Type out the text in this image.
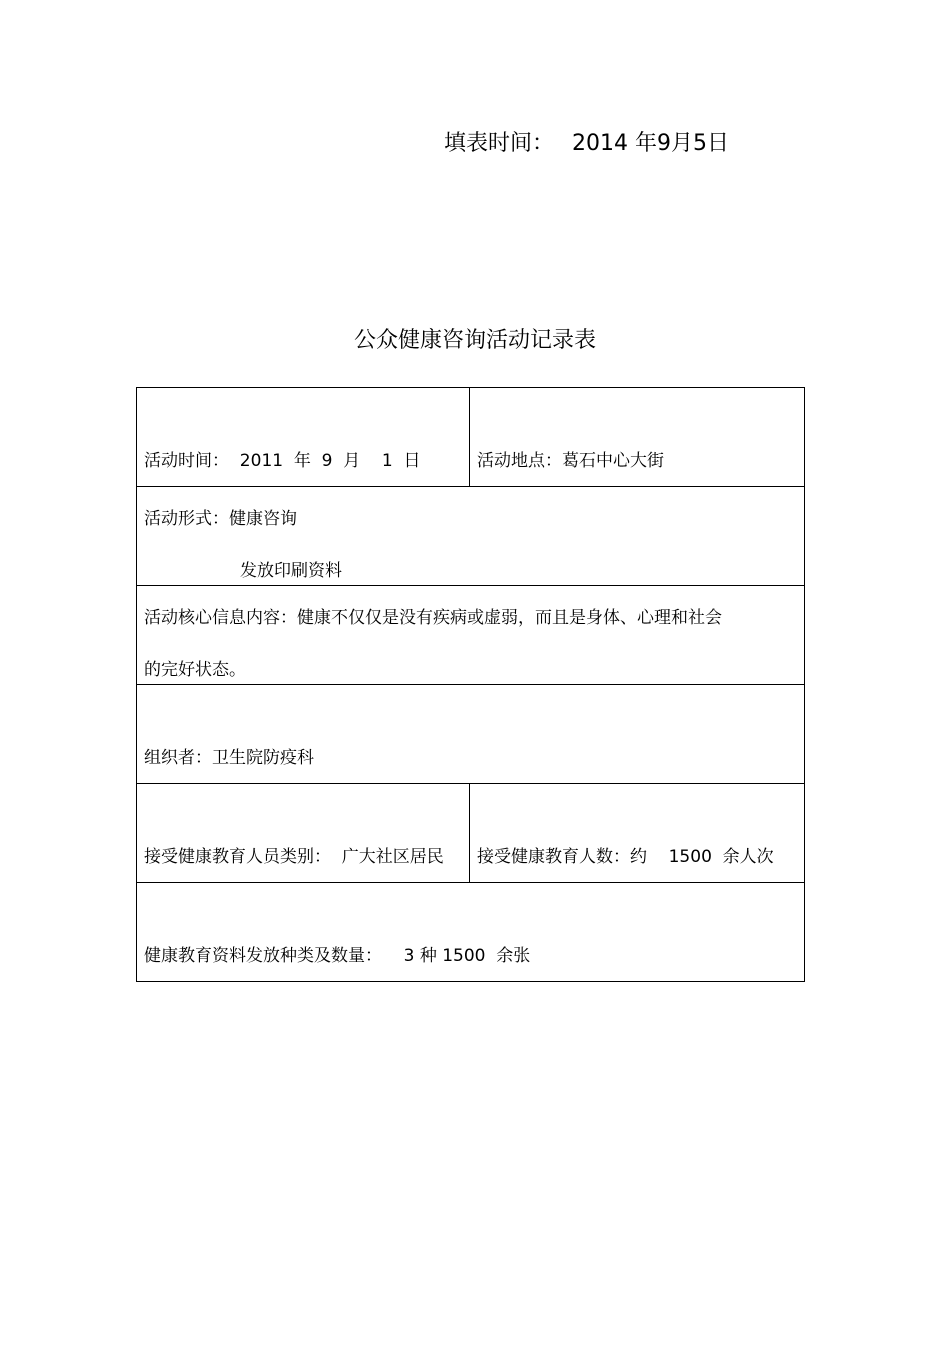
填表时间： 2014 年9月5日
公众健康咨询活动记录表
活动时间：  2011  年  9  月    1  日	活动地点：葛石中心大街

活动形式：健康咨询
发放印刷资料	

活动核心信息内容：健康不仅仅是没有疾病或虚弱，而且是身体、心理和社会
的完好状态。	

组织者：卫生院防疫科	

接受健康教育人员类别：  广大社区居民	接受健康教育人数：约    1500  余人次

健康教育资料发放种类及数量：    3 种 1500  余张	
